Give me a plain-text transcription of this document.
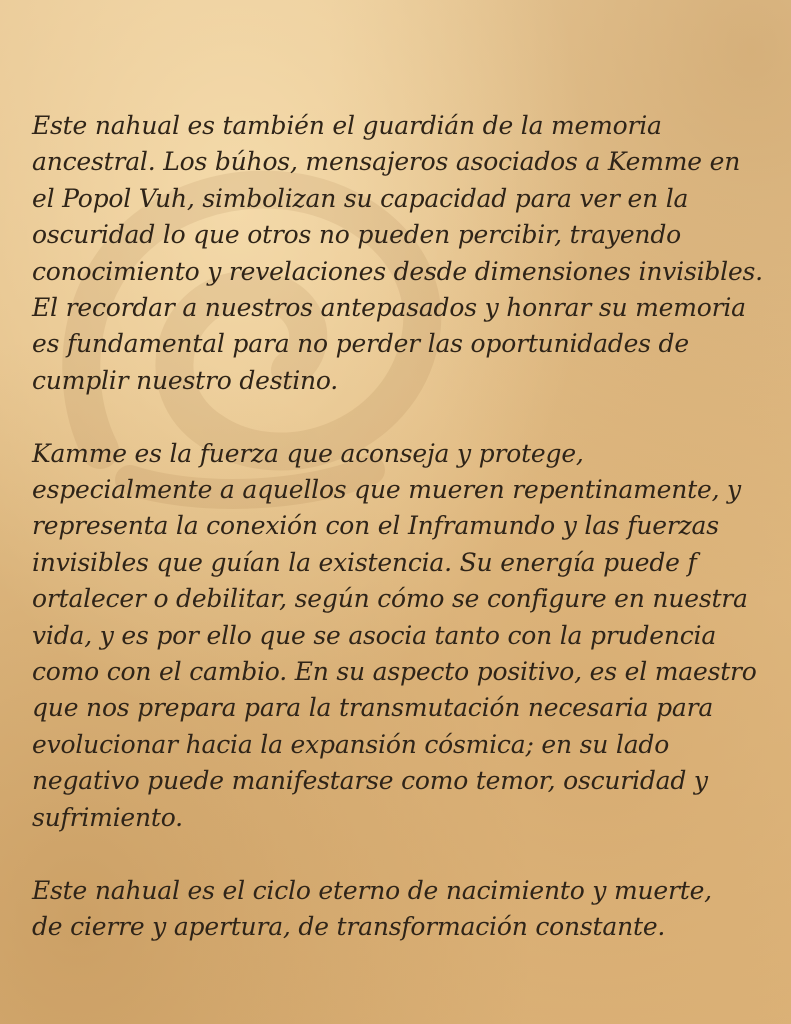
Este nahual es también el guardián de la memoria
ancestral. Los búhos, mensajeros asociados a Kemme en
el Popol Vuh, simbolizan su capacidad para ver en la
oscuridad lo que otros no pueden percibir, trayendo
conocimiento y revelaciones desde dimensiones invisibles.
El recordar a nuestros antepasados y honrar su memoria
es fundamental para no perder las oportunidades de
cumplir nuestro destino.
Kamme es la fuerza que aconseja y protege,
especialmente a aquellos que mueren repentinamente, y
representa la conexión con el Inframundo y las fuerzas
invisibles que guían la existencia. Su energía puede f
ortalecer o debilitar, según cómo se configure en nuestra
vida, y es por ello que se asocia tanto con la prudencia
como con el cambio. En su aspecto positivo, es el maestro
que nos prepara para la transmutación necesaria para
evolucionar hacia la expansión cósmica; en su lado
negativo puede manifestarse como temor, oscuridad y
sufrimiento.
Este nahual es el ciclo eterno de nacimiento y muerte,
de cierre y apertura, de transformación constante.
